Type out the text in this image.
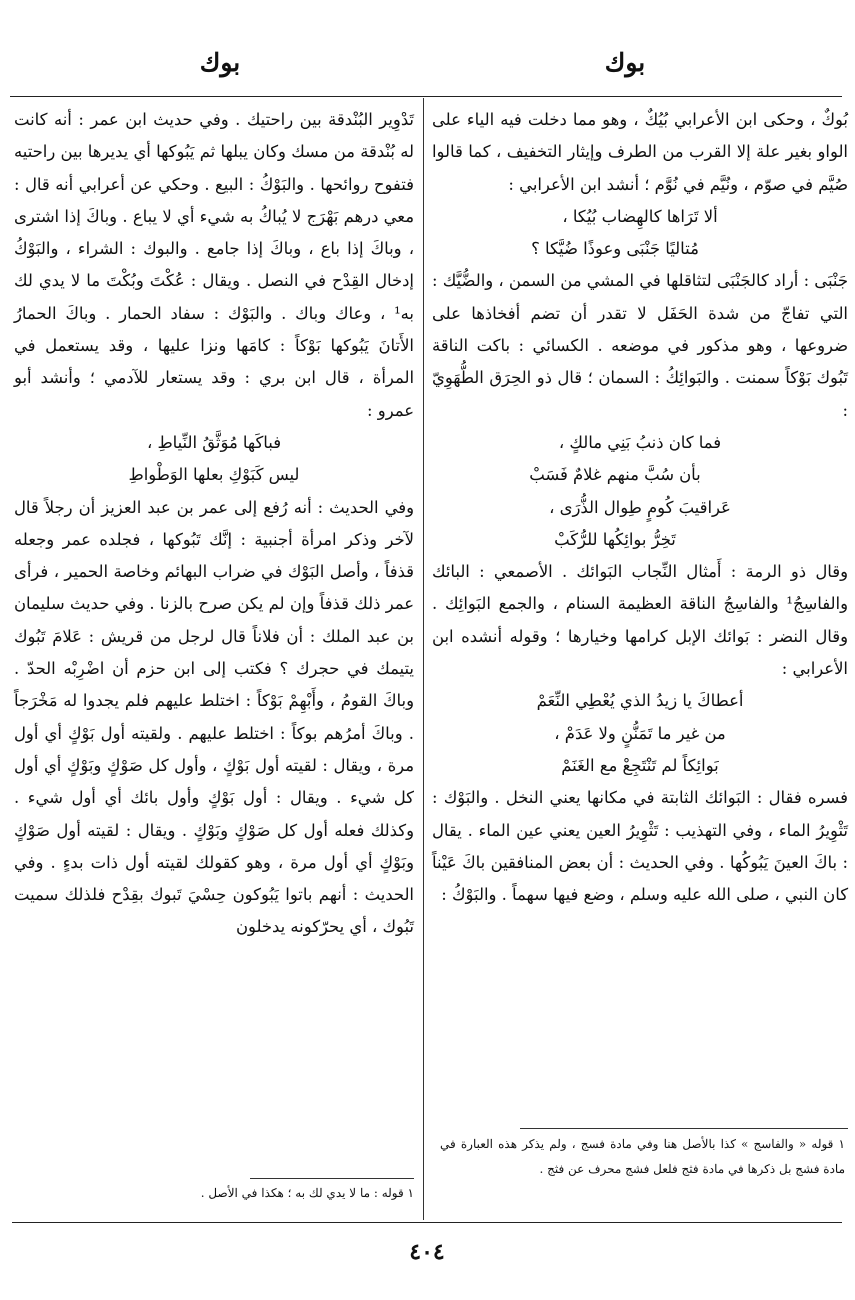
بوك
بوك

بُوكٌ ، وحكى ابن الأعرابي بُيُكٌ ، وهو مما دخلت فيه الياء على الواو بغير علة إلا القرب من الطرف وإيثار التخفيف ، كما قالوا صُيَّم في صوّم ، ونُيَّم في نُوَّم ؛ أنشد ابن الأعرابي :

ألا تَرَاها كالهِضاب بُيُكا ،
مُتاليًا جَنْبَى وعوذًا ضُيَّكا ؟

جَنْبَى : أراد كالجَنْبَى لتثاقلها في المشي من السمن ، والضُّيَّك : التي تفاجّ من شدة الحَفَل لا تقدر أن تضم أفخاذها على ضروعها ، وهو مذكور في موضعه . الكسائي : باكت الناقة تَبُوك بَوْكاً سمنت . والبَوائِكُ : السمان ؛ قال ذو الحِرَق الطُّهَوِيّ :

فما كان ذنبُ بَنِي مالكٍ ،
بأن سُبَّ منهم غلامٌ فَسَبْ
عَراقيبَ كُومٍ طِوال الذُّرَى ،
تَخِرُّ بوائِكُها للرُّكَبْ

وقال ذو الرمة : أَمثال النِّجاب البَوائك . الأصمعي : البائك والفاسِجُ¹ والفاسِجُ الناقة العظيمة السنام ، والجمع البَوائِك . وقال النضر : بَوائك الإبل كرامها وخيارها ؛ وقوله أنشده ابن الأعرابي :

أعطاكَ يا زيدُ الذي يُعْطِي النِّعَمْ
من غير ما تَمَنُّنٍ ولا عَدَمْ ،
بَوائِكاً لم تَنْتَجِعْ مع الغَنَمْ

فسره فقال : البَوائك الثابتة في مكانها يعني النخل . والبَوْك : تَثْوِيرُ الماء ، وفي التهذيب : تَثْوِيرُ العين يعني عين الماء . يقال : باكَ العينَ يَبُوكُها . وفي الحديث : أن بعض المنافقين باكَ عَيْناً كان النبي ، صلى الله عليه وسلم ، وضع فيها سهماً . والبَوْكُ :

تَدْوِير البُنْدقة بين راحتيك . وفي حديث ابن عمر : أنه كانت له بُنْدقة من مسك وكان يبلها ثم يَبُوكها أي يديرها بين راحتيه فتفوح روائحها . والبَوْكُ : البيع . وحكي عن أعرابي أنه قال : معي درهم بَهْرَج لا يُباكُ به شيء أي لا يباع . وباكَ إذا اشترى ، وباكَ إذا باع ، وباكَ إذا جامع . والبوك : الشراء ، والبَوْكُ إدخال القِدْح في النصل . ويقال : عُكْتَ وبُكْتَ ما لا يدي لك به¹ ، وعاك وباك . والبَوْك : سفاد الحمار . وباكَ الحمارُ الأَتانَ يَبُوكها بَوْكاً : كامَها ونزا عليها ، وقد يستعمل في المرأة ، قال ابن بري : وقد يستعار للآدمي ؛ وأنشد أبو عمرو :

فباكَها مُوَثَّقُ النِّياطِ ،
ليس كَبَوْكِ بعلها الوَطْواطِ

وفي الحديث : أنه رُفع إلى عمر بن عبد العزيز أن رجلاً قال لآخر وذكر امرأة أجنبية : إنَّك تَبُوكها ، فجلده عمر وجعله قذفاً ، وأصل البَوْك في ضراب البهائم وخاصة الحمير ، فرأى عمر ذلك قذفاً وإن لم يكن صرح بالزنا . وفي حديث سليمان بن عبد الملك : أن فلاناً قال لرجل من قريش : عَلامَ تَبُوك يتيمك في حجرك ؟ فكتب إلى ابن حزم أن اضْرِبْه الحدّ . وباكَ القومُ ، وأَبْهِمْ بَوْكاً : اختلط عليهم فلم يجدوا له مَخْرَجاً . وباكَ أمرُهم بوكاً : اختلط عليهم . ولقيته أول بَوْكٍ أي أول مرة ، ويقال : لقيته أول بَوْكٍ ، وأول كل صَوْكٍ وبَوْكٍ أي أول كل شيء . ويقال : أول بَوْكٍ وأول بائك أي أول شيء . وكذلك فعله أول كل صَوْكٍ وبَوْكٍ . ويقال : لقيته أول صَوْكٍ وبَوْكٍ أي أول مرة ، وهو كقولك لقيته أول ذات بدءٍ . وفي الحديث : أنهم باتوا يَبُوكون حِسْيَ تَبوك بقِدْح فلذلك سميت تَبُوك ، أي يحرّكونه يدخلون

١ قوله « والفاسج » كذا بالأصل هنا وفي مادة فسج ، ولم يذكر هذه العبارة في مادة فشج بل ذكرها في مادة فثج فلعل فشج محرف عن فثج .
١ قوله : ما لا يدي لك به ؛ هكذا في الأصل .
٤٠٤
